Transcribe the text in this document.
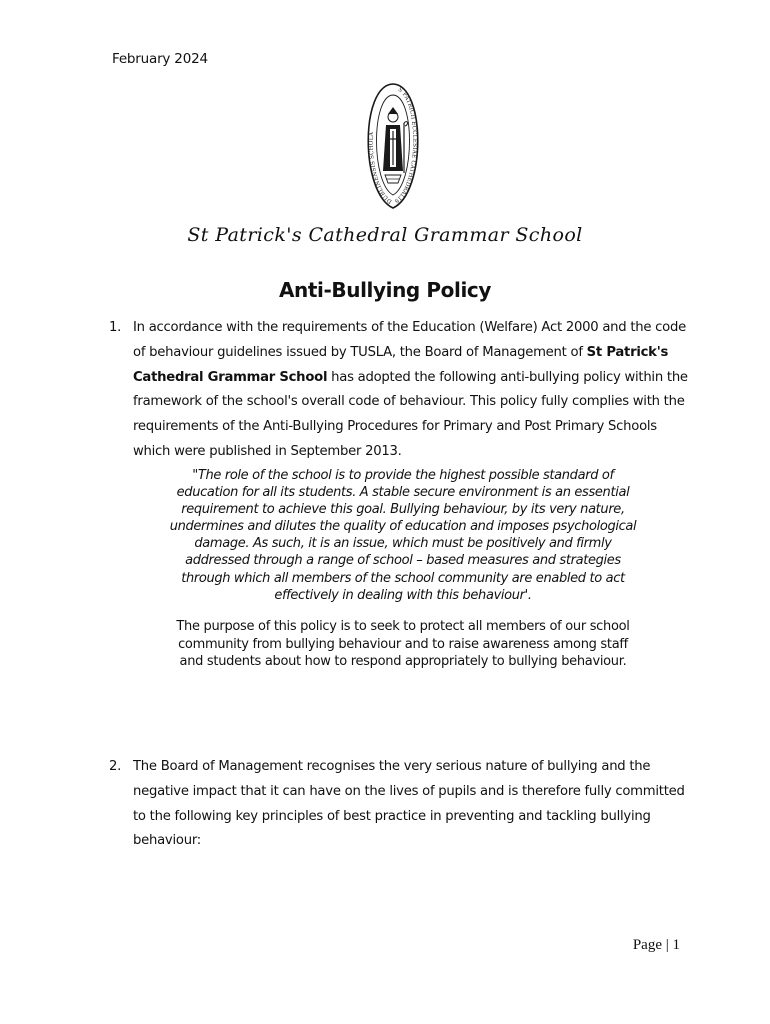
February 2024
S PATRICII ECCLESIAE CATHEDRALIS DUBLINENSIS SCHOLA
St Patrick's Cathedral Grammar School
Anti-Bullying Policy
1. In accordance with the requirements of the Education (Welfare) Act 2000 and the code of behaviour guidelines issued by TUSLA, the Board of Management of St Patrick's Cathedral Grammar School has adopted the following anti-bullying policy within the framework of the school's overall code of behaviour. This policy fully complies with the requirements of the Anti-Bullying Procedures for Primary and Post Primary Schools which were published in September 2013.
"The role of the school is to provide the highest possible standard of education for all its students. A stable secure environment is an essential requirement to achieve this goal. Bullying behaviour, by its very nature, undermines and dilutes the quality of education and imposes psychological damage. As such, it is an issue, which must be positively and firmly addressed through a range of school – based measures and strategies through which all members of the school community are enabled to act effectively in dealing with this behaviour'.
The purpose of this policy is to seek to protect all members of our school community from bullying behaviour and to raise awareness among staff and students about how to respond appropriately to bullying behaviour.
2. The Board of Management recognises the very serious nature of bullying and the negative impact that it can have on the lives of pupils and is therefore fully committed to the following key principles of best practice in preventing and tackling bullying behaviour:
Page | 1
